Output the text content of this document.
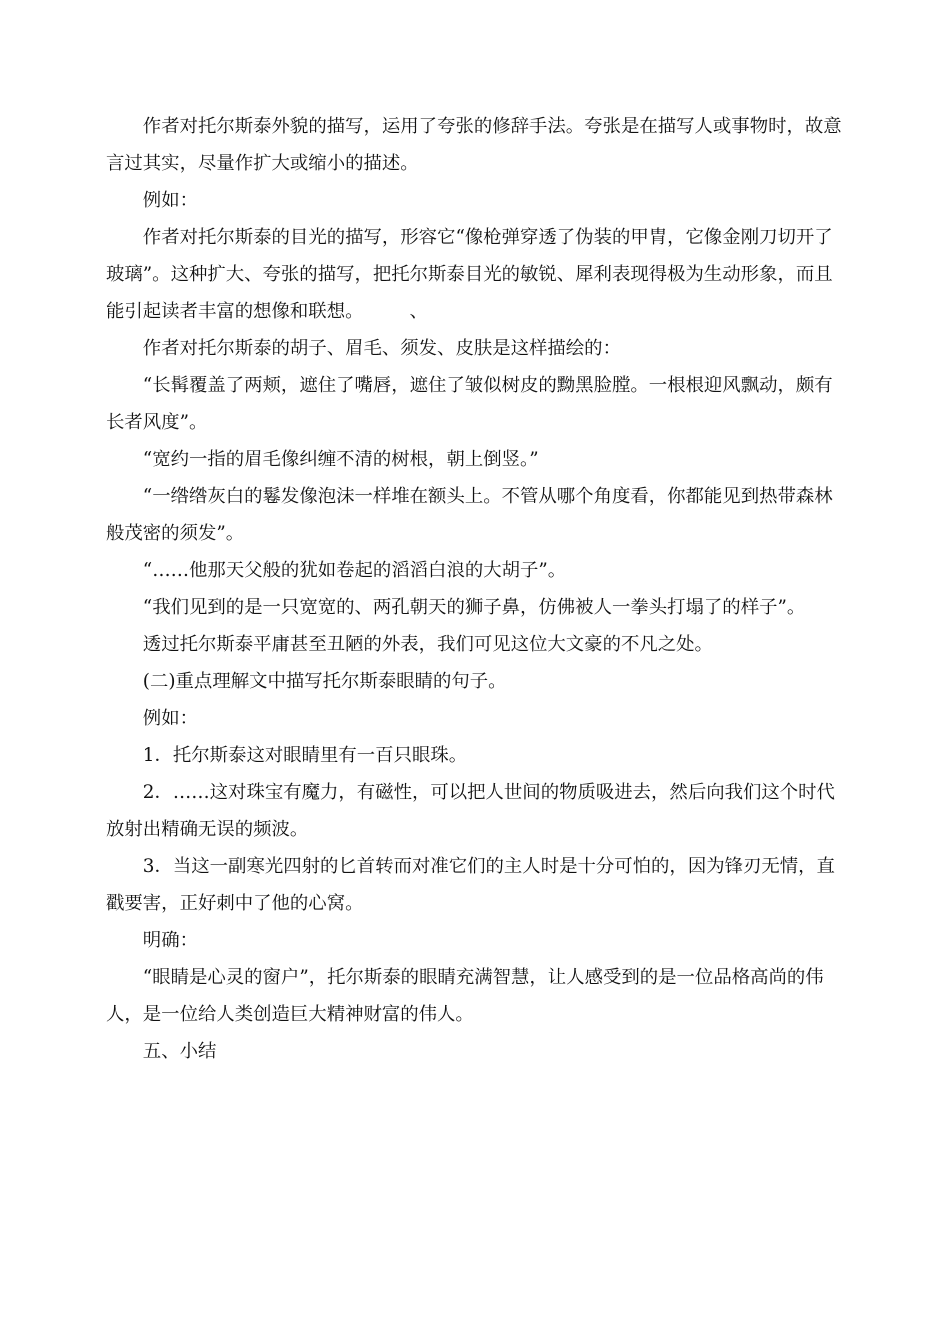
作者对托尔斯泰外貌的描写，运用了夸张的修辞手法。夸张是在描写人或事物时，故意言过其实，尽量作扩大或缩小的描述。

例如：

作者对托尔斯泰的目光的描写，形容它“像枪弹穿透了伪装的甲胄，它像金刚刀切开了玻璃”。这种扩大、夸张的描写，把托尔斯泰目光的敏锐、犀利表现得极为生动形象，而且能引起读者丰富的想像和联想。　　　、

作者对托尔斯泰的胡子、眉毛、须发、皮肤是这样描绘的：

“长髯覆盖了两颊，遮住了嘴唇，遮住了皱似树皮的黝黑脸膛。一根根迎风飘动，颇有长者风度”。

“宽约一指的眉毛像纠缠不清的树根，朝上倒竖。”

“一绺绺灰白的鬈发像泡沫一样堆在额头上。不管从哪个角度看，你都能见到热带森林般茂密的须发”。

“……他那天父般的犹如卷起的滔滔白浪的大胡子”。

“我们见到的是一只宽宽的、两孔朝天的狮子鼻，仿佛被人一拳头打塌了的样子”。

透过托尔斯泰平庸甚至丑陋的外表，我们可见这位大文豪的不凡之处。

(二)重点理解文中描写托尔斯泰眼睛的句子。

例如：

1．托尔斯泰这对眼睛里有一百只眼珠。

2．……这对珠宝有魔力，有磁性，可以把人世间的物质吸进去，然后向我们这个时代放射出精确无误的频波。

3．当这一副寒光四射的匕首转而对准它们的主人时是十分可怕的，因为锋刃无情，直戳要害，正好刺中了他的心窝。

明确：

“眼睛是心灵的窗户”，托尔斯泰的眼睛充满智慧，让人感受到的是一位品格高尚的伟人，是一位给人类创造巨大精神财富的伟人。

五、小结
